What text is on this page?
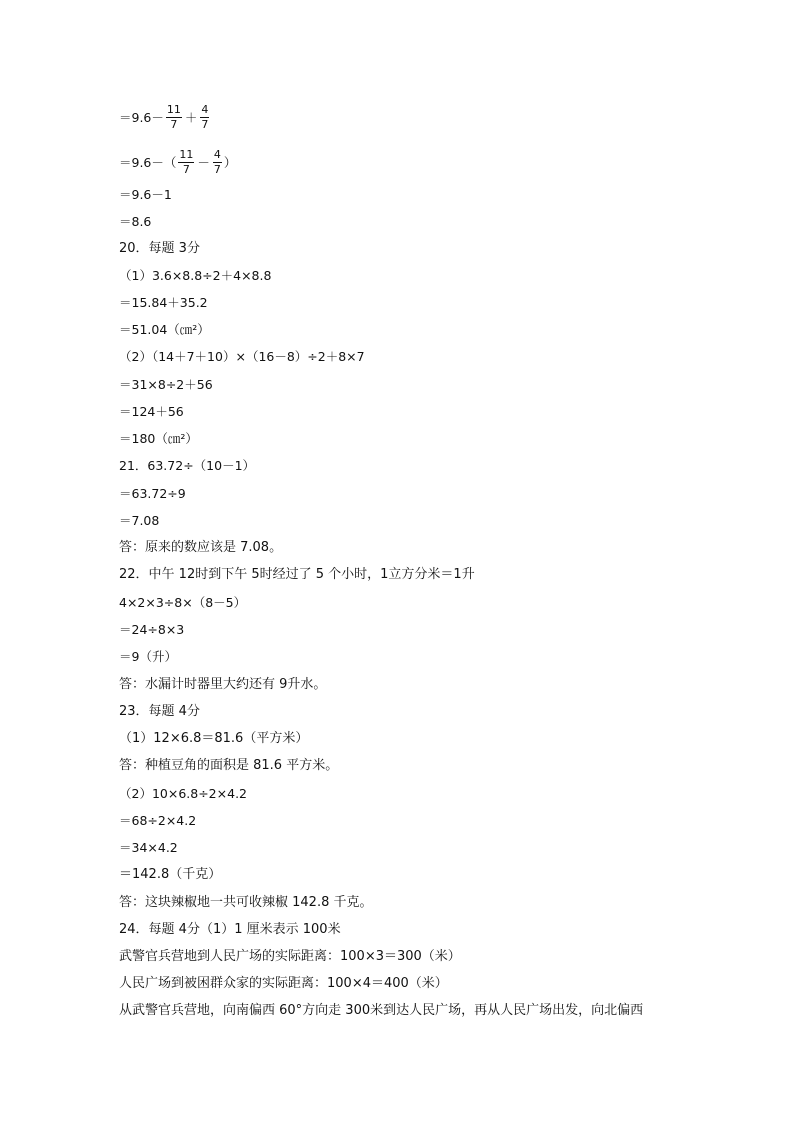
$=9.6- \frac{11}{7} + \frac{4}{7}$
$=9.6-( \frac{11}{7} - \frac{4}{7}$ ）
＝9.6－1
＝8.6
20．每题 3分
（1）3.6×8.8÷2＋4×8.8
＝15.84＋35.2
＝51.04（㎝²）
（2）（14＋7＋10）×（16－8）÷2＋8×7
＝31×8÷2＋56
＝124＋56
＝180（㎝²）
21．63.72÷（10－1）
＝63.72÷9
＝7.08
答：原来的数应该是 7.08。
22．中午 12时到下午 5时经过了 5 个小时，1立方分米＝1升
4×2×3÷8×（8－5）
＝24÷8×3
＝9（升）
答：水漏计时器里大约还有 9升水。
23．每题 4分
（1）12×6.8＝81.6（平方米）
答：种植豆角的面积是 81.6 平方米。
（2）10×6.8÷2×4.2
＝68÷2×4.2
＝34×4.2
＝142.8（千克）
答：这块辣椒地一共可收辣椒 142.8 千克。
24．每题 4分（1）1 厘米表示 100米
武警官兵营地到人民广场的实际距离：100×3＝300（米）
人民广场到被困群众家的实际距离：100×4＝400（米）
从武警官兵营地，向南偏西 60°方向走 300米到达人民广场，再从人民广场出发，向北偏西
